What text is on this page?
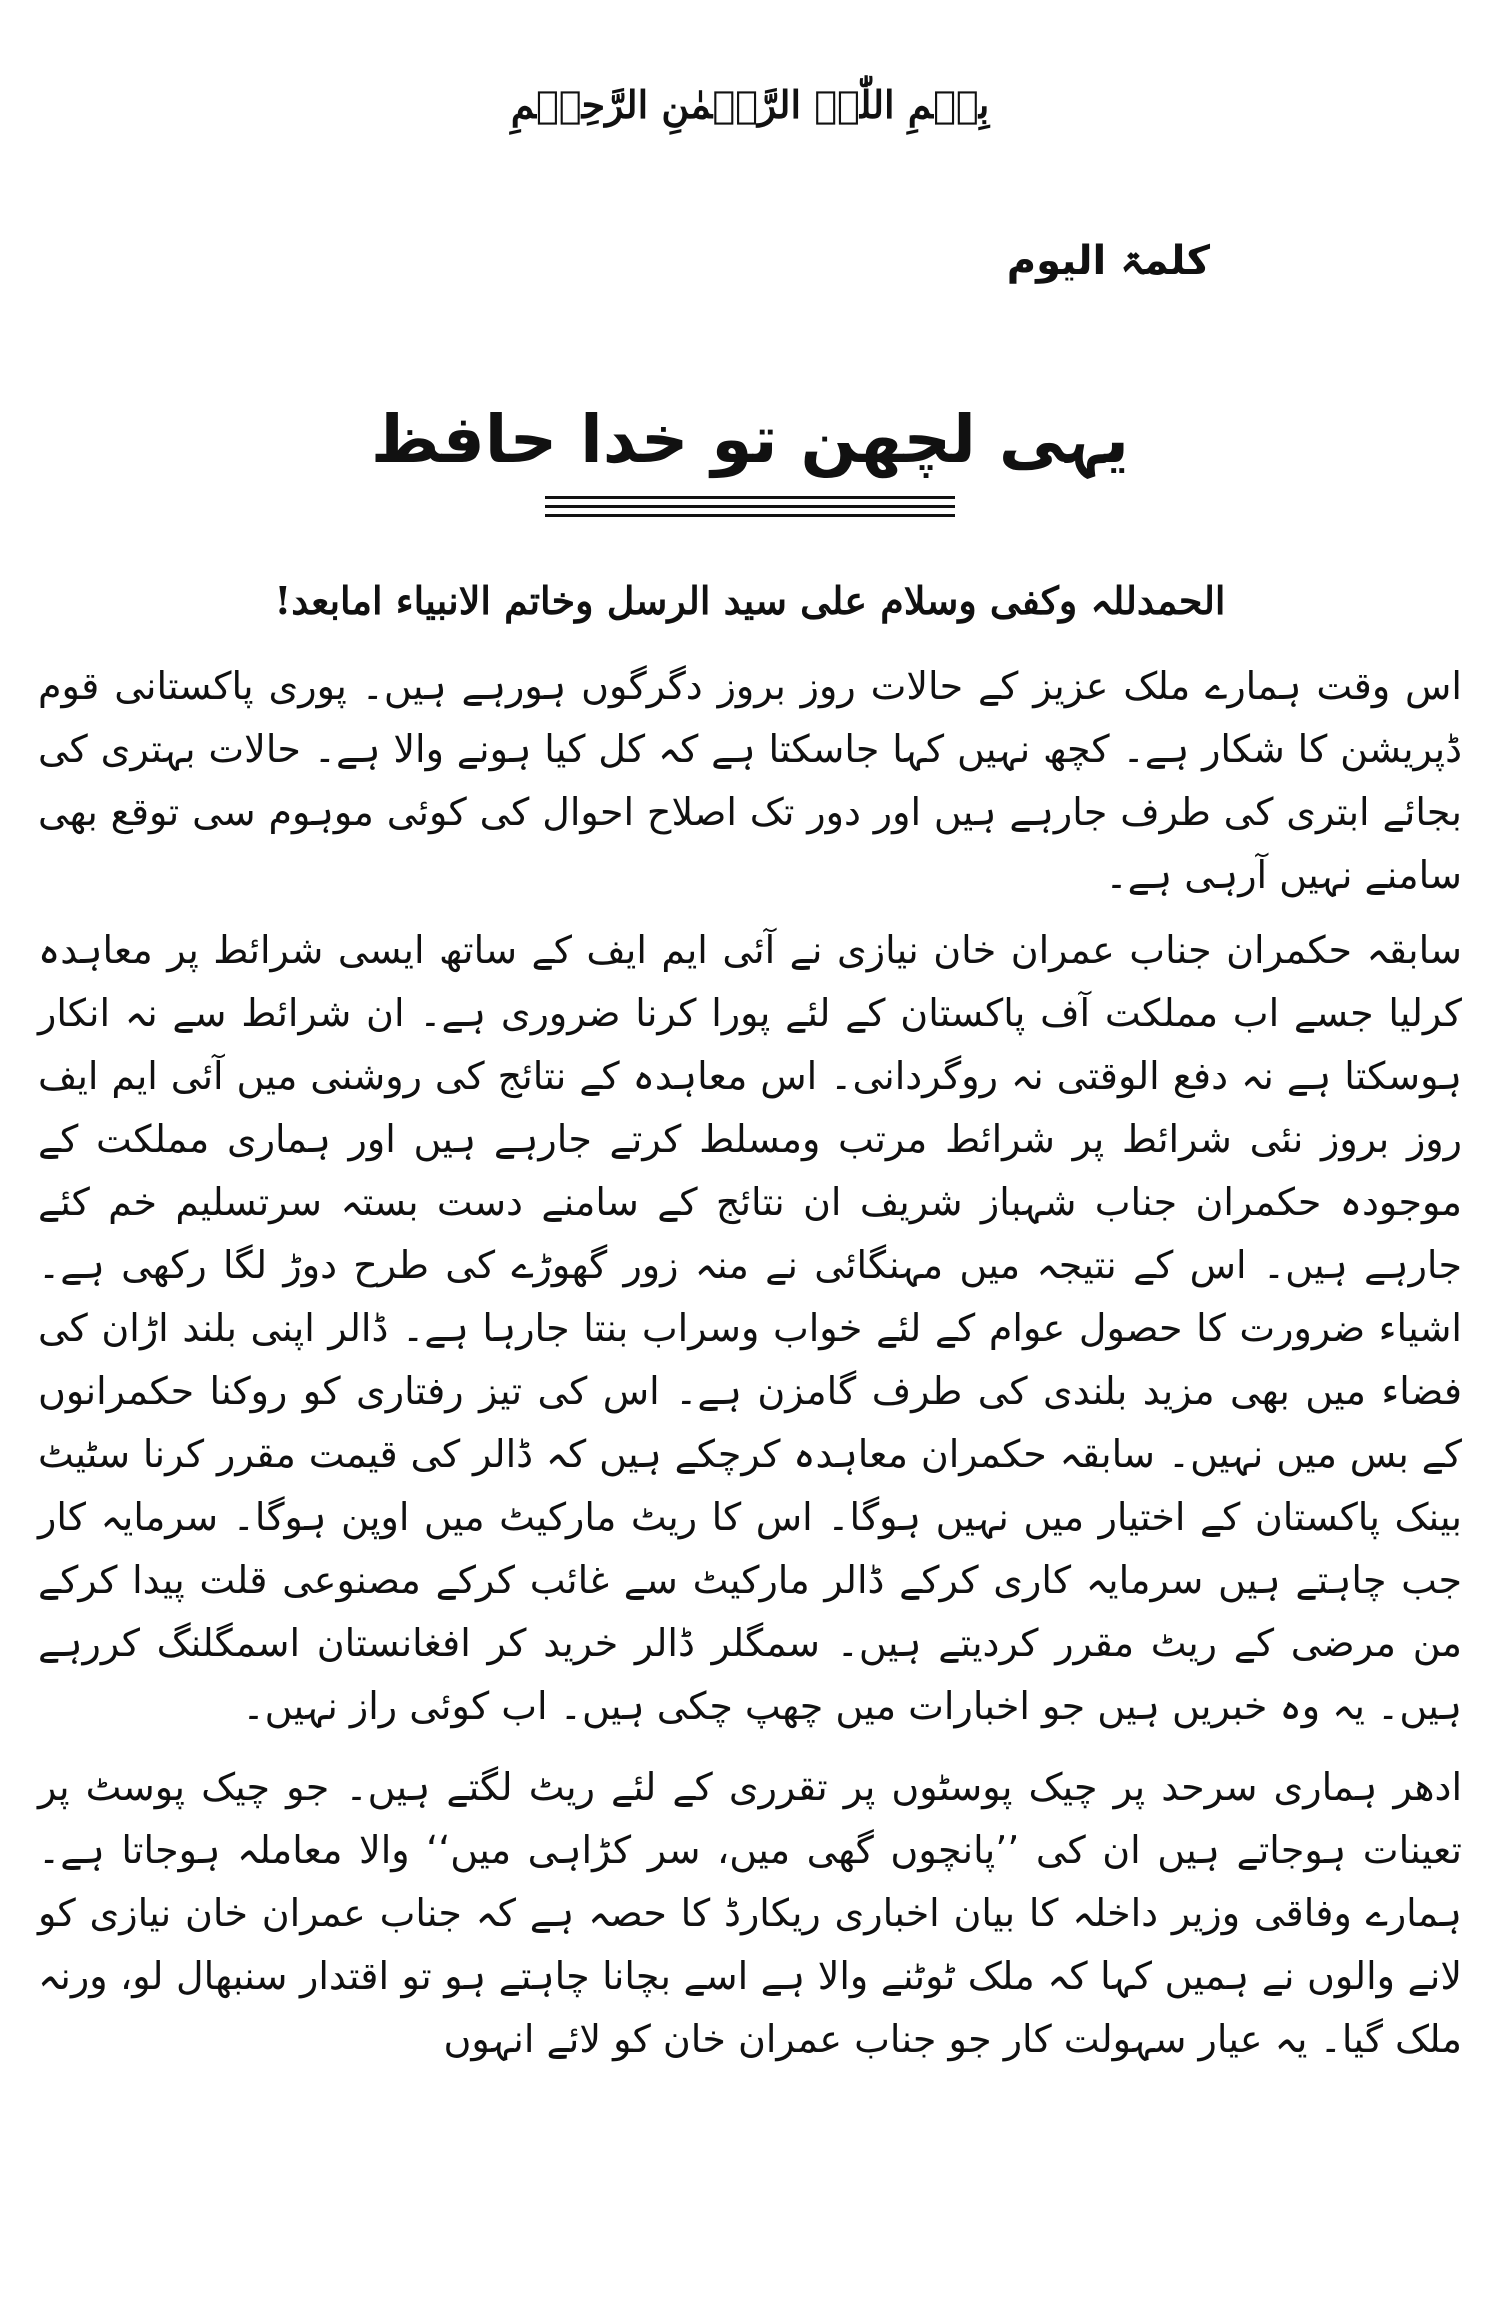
بِسۡمِ اللّٰہِ الرَّحۡمٰنِ الرَّحِیۡمِ
کلمۃ الیوم
یہی لچھن تو خدا حافظ
الحمدللہ وکفی وسلام علی سید الرسل وخاتم الانبیاء امابعد!

اس وقت ہمارے ملک عزیز کے حالات روز بروز دگرگوں ہورہے ہیں۔ پوری پاکستانی قوم ڈپریشن کا شکار ہے۔ کچھ نہیں کہا جاسکتا ہے کہ کل کیا ہونے والا ہے۔ حالات بہتری کی بجائے ابتری کی طرف جارہے ہیں اور دور تک اصلاح احوال کی کوئی موہوم سی توقع بھی سامنے نہیں آرہی ہے۔

سابقہ حکمران جناب عمران خان نیازی نے آئی ایم ایف کے ساتھ ایسی شرائط پر معاہدہ کرلیا جسے اب مملکت آف پاکستان کے لئے پورا کرنا ضروری ہے۔ ان شرائط سے نہ انکار ہوسکتا ہے نہ دفع الوقتی نہ روگردانی۔ اس معاہدہ کے نتائج کی روشنی میں آئی ایم ایف روز بروز نئی شرائط پر شرائط مرتب ومسلط کرتے جارہے ہیں اور ہماری مملکت کے موجودہ حکمران جناب شہباز شریف ان نتائج کے سامنے دست بستہ سرتسلیم خم کئے جارہے ہیں۔ اس کے نتیجہ میں مہنگائی نے منہ زور گھوڑے کی طرح دوڑ لگا رکھی ہے۔ اشیاء ضرورت کا حصول عوام کے لئے خواب وسراب بنتا جارہا ہے۔ ڈالر اپنی بلند اڑان کی فضاء میں بھی مزید بلندی کی طرف گامزن ہے۔ اس کی تیز رفتاری کو روکنا حکمرانوں کے بس میں نہیں۔ سابقہ حکمران معاہدہ کرچکے ہیں کہ ڈالر کی قیمت مقرر کرنا سٹیٹ بینک پاکستان کے اختیار میں نہیں ہوگا۔ اس کا ریٹ مارکیٹ میں اوپن ہوگا۔ سرمایہ کار جب چاہتے ہیں سرمایہ کاری کرکے ڈالر مارکیٹ سے غائب کرکے مصنوعی قلت پیدا کرکے من مرضی کے ریٹ مقرر کردیتے ہیں۔ سمگلر ڈالر خرید کر افغانستان اسمگلنگ کررہے ہیں۔ یہ وہ خبریں ہیں جو اخبارات میں چھپ چکی ہیں۔ اب کوئی راز نہیں۔

ادھر ہماری سرحد پر چیک پوسٹوں پر تقرری کے لئے ریٹ لگتے ہیں۔ جو چیک پوسٹ پر تعینات ہوجاتے ہیں ان کی ’’پانچوں گھی میں، سر کڑاہی میں‘‘ والا معاملہ ہوجاتا ہے۔ ہمارے وفاقی وزیر داخلہ کا بیان اخباری ریکارڈ کا حصہ ہے کہ جناب عمران خان نیازی کو لانے والوں نے ہمیں کہا کہ ملک ٹوٹنے والا ہے اسے بچانا چاہتے ہو تو اقتدار سنبھال لو، ورنہ ملک گیا۔ یہ عیار سہولت کار جو جناب عمران خان کو لائے انہوں
